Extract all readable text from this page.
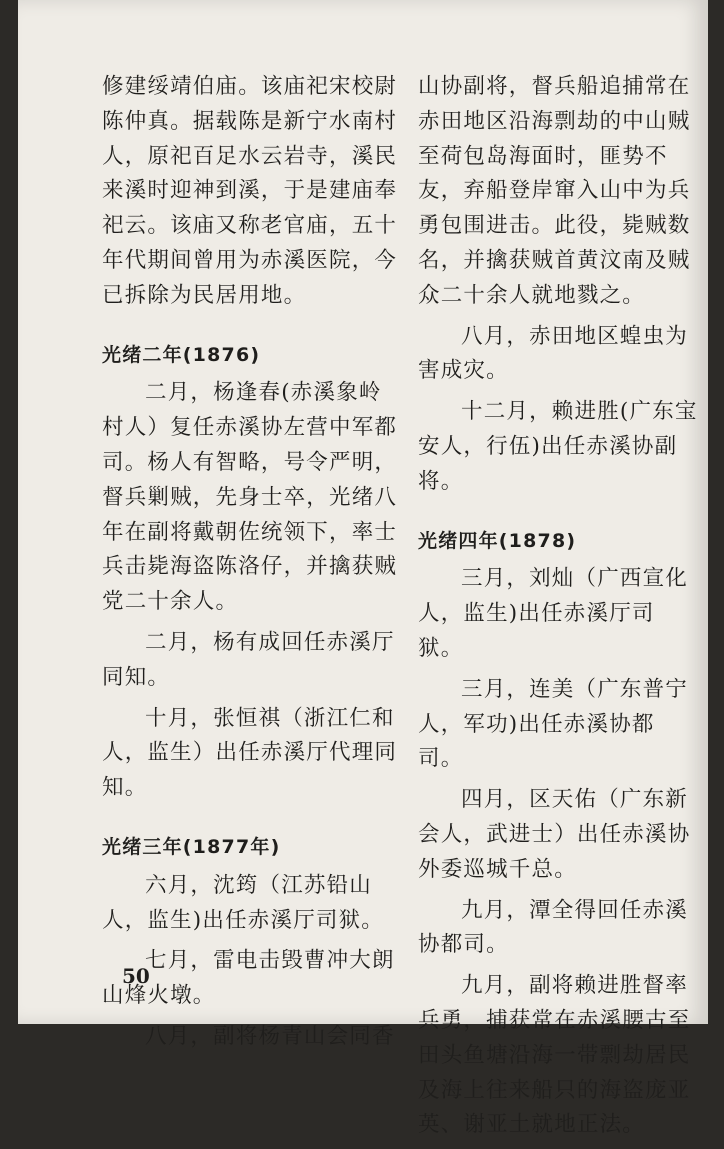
修建绥靖伯庙。该庙祀宋校尉陈仲真。据载陈是新宁水南村人，原祀百足水云岩寺，溪民来溪时迎神到溪，于是建庙奉祀云。该庙又称老官庙，五十年代期间曾用为赤溪医院，今已拆除为民居用地。

光绪二年(1876)

二月，杨逢春(赤溪象岭村人）复任赤溪协左营中军都司。杨人有智略，号令严明，督兵剿贼，先身士卒，光绪八年在副将戴朝佐统领下，率士兵击毙海盗陈洛仔，并擒获贼党二十余人。

二月，杨有成回任赤溪厅同知。

十月，张恒祺（浙江仁和人，监生）出任赤溪厅代理同知。

光绪三年(1877年)

六月，沈筠（江苏铅山人，监生)出任赤溪厅司狱。

七月，雷电击毁曹冲大朗山烽火墩。

八月，副将杨青山会同香

山协副将，督兵船追捕常在赤田地区沿海剽劫的中山贼至荷包岛海面时，匪势不友，弃船登岸窜入山中为兵勇包围进击。此役，毙贼数名，并擒获贼首黄汶南及贼众二十余人就地戮之。

八月，赤田地区蝗虫为害成灾。

十二月，赖进胜(广东宝安人，行伍)出任赤溪协副将。

光绪四年(1878)

三月，刘灿（广西宣化人，监生)出任赤溪厅司狱。

三月，连美（广东普宁人，军功)出任赤溪协都司。

四月，区天佑（广东新会人，武进士）出任赤溪协外委巡城千总。

九月，潭全得回任赤溪协都司。

九月，副将赖进胜督率兵勇，捕获常在赤溪腰古至田头鱼塘沿海一带剽劫居民及海上往来船只的海盗庞亚英、谢亚土就地正法。

50
